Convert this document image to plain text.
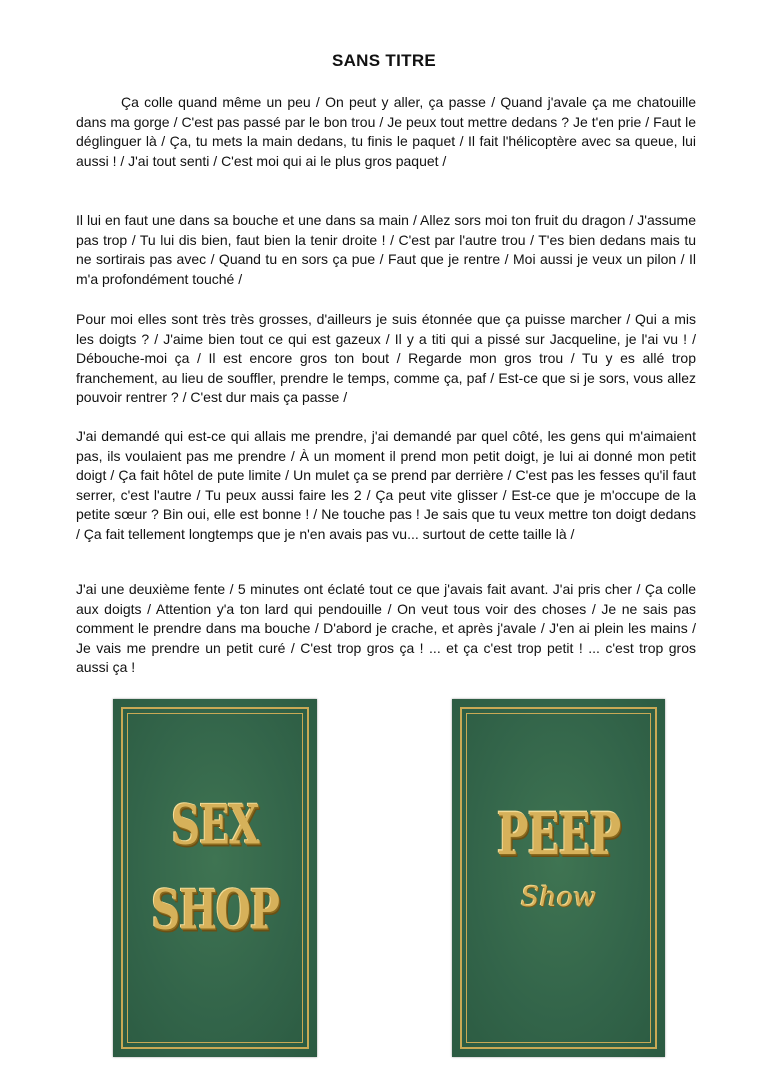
SANS TITRE

Ça colle quand même un peu / On peut y aller, ça passe / Quand j'avale ça me chatouille dans ma gorge / C'est pas passé par le bon trou / Je peux tout mettre dedans ? Je t'en prie / Faut le déglinguer là / Ça, tu mets la main dedans, tu finis le paquet / Il fait l'hélicoptère avec sa queue, lui aussi ! / J'ai tout senti / C'est moi qui ai le plus gros paquet /

Il lui en faut une dans sa bouche et une dans sa main / Allez sors moi ton fruit du dragon / J'assume pas trop / Tu lui dis bien, faut bien la tenir droite ! / C'est par l'autre trou / T'es bien dedans mais tu ne sortirais pas avec / Quand tu en sors ça pue / Faut que je rentre / Moi aussi je veux un pilon / Il m'a profondément touché /

Pour moi elles sont très très grosses, d'ailleurs je suis étonnée que ça puisse marcher / Qui a mis les doigts ? / J'aime bien tout ce qui est gazeux / Il y a titi qui a pissé sur Jacqueline, je l'ai vu ! / Débouche-moi ça / Il est encore gros ton bout / Regarde mon gros trou / Tu y es allé trop franchement, au lieu de souffler, prendre le temps, comme ça, paf / Est-ce que si je sors, vous allez pouvoir rentrer ? / C'est dur mais ça passe /

J'ai demandé qui est-ce qui allais me prendre, j'ai demandé par quel côté, les gens qui m'aimaient pas, ils voulaient pas me prendre / À un moment il prend mon petit doigt, je lui ai donné mon petit doigt / Ça fait hôtel de pute limite / Un mulet ça se prend par derrière / C'est pas les fesses qu'il faut serrer, c'est l'autre / Tu peux aussi faire les 2 / Ça peut vite glisser / Est-ce que je m'occupe de la petite sœur ? Bin oui, elle est bonne ! / Ne touche pas ! Je sais que tu veux mettre ton doigt dedans / Ça fait tellement longtemps que je n'en avais pas vu... surtout de cette taille là /

J'ai une deuxième fente / 5 minutes ont éclaté tout ce que j'avais fait avant. J'ai pris cher / Ça colle aux doigts / Attention y'a ton lard qui pendouille / On veut tous voir des choses / Je ne sais pas comment le prendre dans ma bouche / D'abord je crache, et après j'avale / J'en ai plein les mains / Je vais me prendre un petit curé / C'est trop gros ça ! ... et ça c'est trop petit ! ... c'est trop gros aussi ça !

SEX
SHOP
PEEP
Show
